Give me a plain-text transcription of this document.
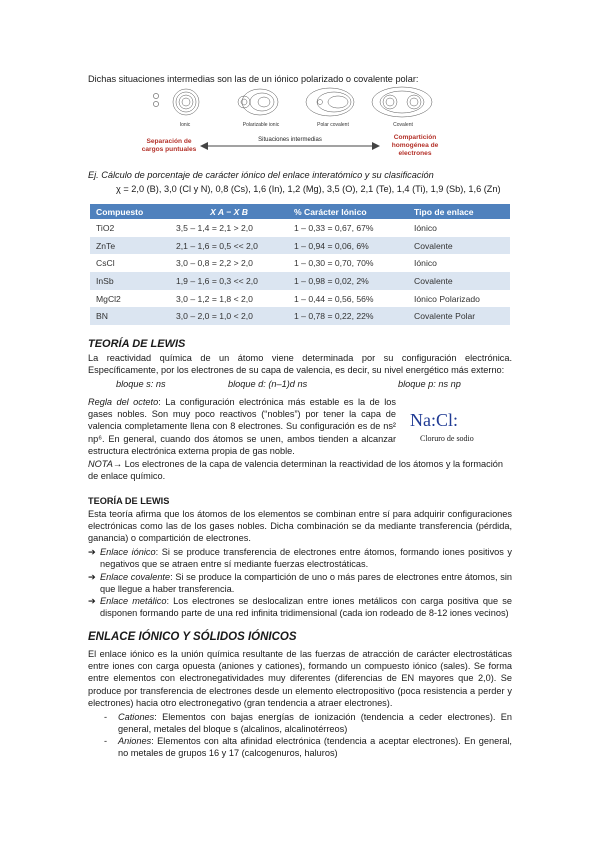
Dichas situaciones intermedias son las de un iónico polarizado o covalente polar:
Ionic	Polarizable ionic	Polar covalent	Covalent
Separación de cargos puntuales
Situaciones intermedias	Compartición homogénea de electrones
Ej. Cálculo de porcentaje de carácter iónico del enlace interatómico y su clasificación
χ = 2,0 (B), 3,0 (Cl y N), 0,8 (Cs), 1,6 (In), 1,2 (Mg), 3,5 (O), 2,1 (Te), 1,4 (Ti), 1,9 (Sb), 1,6 (Zn)
Compuesto	X A − X B	% Carácter Iónico	Tipo de enlace
TiO2	3,5 – 1,4 = 2,1 > 2,0	1 – 0,33 = 0,67, 67%	Iónico
ZnTe	2,1 – 1,6 = 0,5 << 2,0	1 – 0,94 = 0,06, 6%	Covalente
CsCl	3,0 – 0,8 = 2,2 > 2,0	1 – 0,30 = 0,70, 70%	Iónico
InSb	1,9 – 1,6 = 0,3 << 2,0	1 – 0,98 = 0,02, 2%	Covalente
MgCl2	3,0 – 1,2 = 1,8 < 2,0	1 – 0,44 = 0,56, 56%	Iónico Polarizado
BN	3,0 – 2,0 = 1,0 < 2,0	1 – 0,78 = 0,22, 22%	Covalente Polar
TEORÍA DE LEWIS
La reactividad química de un átomo viene determinada por su configuración electrónica. Específicamente, por los electrones de su capa de valencia, es decir, su nivel energético más externo:
bloque s: ns	bloque d: (n–1)d ns	bloque p: ns np
Regla del octeto: La configuración electrónica más estable es la de los gases nobles. Son muy poco reactivos (“nobles”) por tener la capa de valencia completamente llena con 8 electrones. Su configuración es de ns² np⁶. En general, cuando dos átomos se unen, ambos tienden a alcanzar estructura electrónica externa propia de gas noble.
NOTA→ Los electrones de la capa de valencia determinan la reactividad de los átomos y la formación de enlace químico.
Na:Cl:
Cloruro de sodio
TEORÍA DE LEWIS
Esta teoría afirma que los átomos de los elementos se combinan entre sí para adquirir configuraciones electrónicas como las de los gases nobles. Dicha combinación se da mediante transferencia (pérdida, ganancia) o compartición de electrones.
➔ Enlace iónico: Si se produce transferencia de electrones entre átomos, formando iones positivos y negativos que se atraen entre sí mediante fuerzas electrostáticas.
➔ Enlace covalente: Si se produce la compartición de uno o más pares de electrones entre átomos, sin que llegue a haber transferencia.
➔ Enlace metálico: Los electrones se deslocalizan entre iones metálicos con carga positiva que se disponen formando parte de una red infinita tridimensional (cada ion rodeado de 8-12 iones vecinos)
ENLACE IÓNICO Y SÓLIDOS IÓNICOS
El enlace iónico es la unión química resultante de las fuerzas de atracción de carácter electrostáticas entre iones con carga opuesta (aniones y cationes), formando un compuesto iónico (sales). Se forma entre elementos con electronegatividades muy diferentes (diferencias de EN mayores que 2,0). Se produce por transferencia de electrones desde un elemento electropositivo (poca resistencia a perder y electrones) hacia otro electronegativo (gran tendencia a atraer electrones).
- Cationes: Elementos con bajas energías de ionización (tendencia a ceder electrones). En general, metales del bloque s (alcalinos, alcalinotérreos)
- Aniones: Elementos con alta afinidad electrónica (tendencia a aceptar electrones). En general, no metales de grupos 16 y 17 (calcogenuros, haluros)
